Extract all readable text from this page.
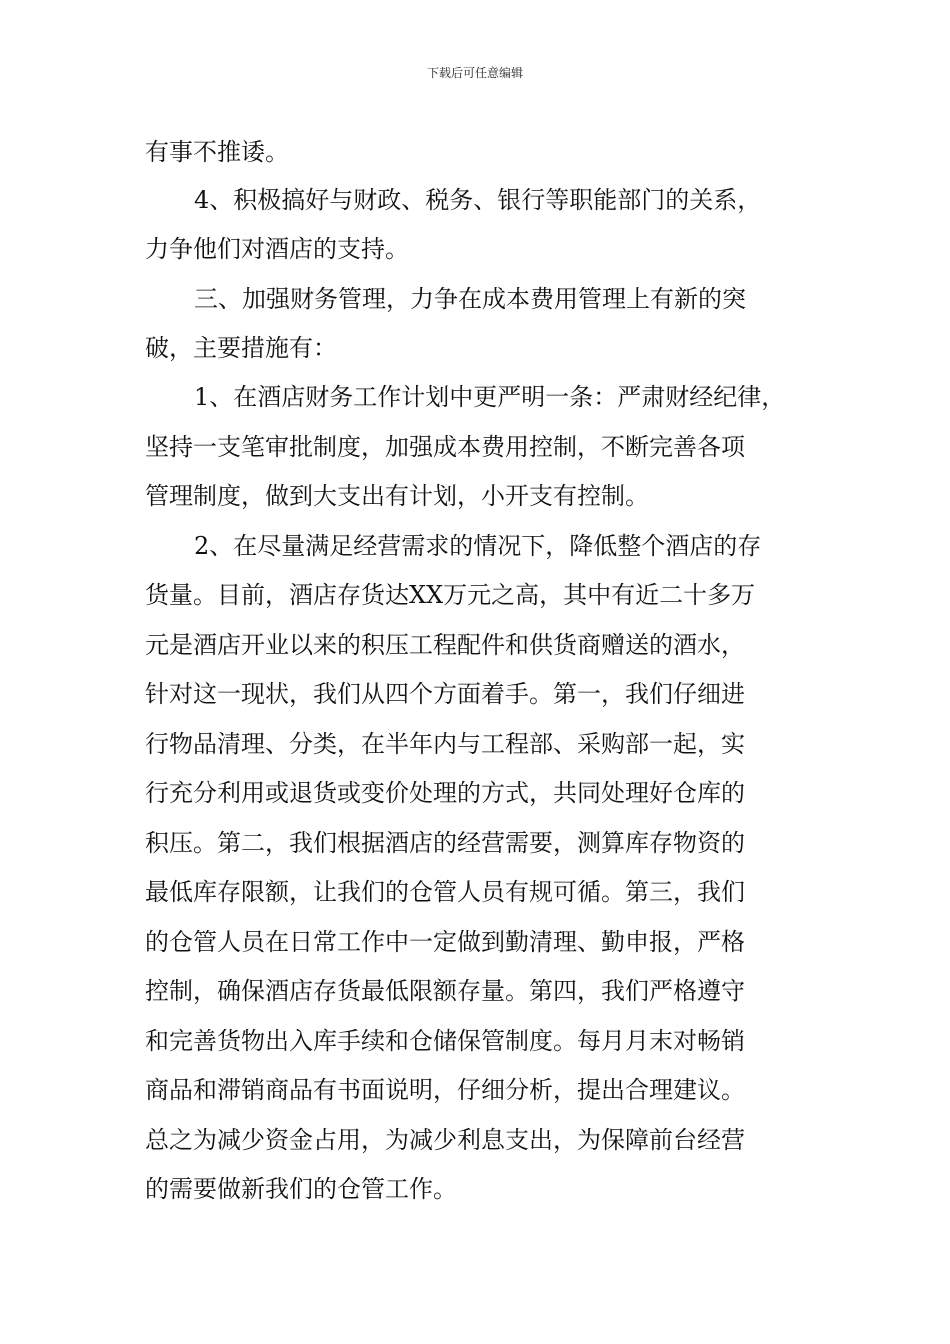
下载后可任意编辑
有事不推诿。
4、积极搞好与财政、税务、银行等职能部门的关系，
力争他们对酒店的支持。
三、加强财务管理，力争在成本费用管理上有新的突
破，主要措施有：
1、在酒店财务工作计划中更严明一条：严肃财经纪律，
坚持一支笔审批制度，加强成本费用控制，不断完善各项
管理制度，做到大支出有计划，小开支有控制。
2、在尽量满足经营需求的情况下，降低整个酒店的存
货量。目前，酒店存货达XX万元之高，其中有近二十多万
元是酒店开业以来的积压工程配件和供货商赠送的酒水，
针对这一现状，我们从四个方面着手。第一，我们仔细进
行物品清理、分类，在半年内与工程部、采购部一起，实
行充分利用或退货或变价处理的方式，共同处理好仓库的
积压。第二，我们根据酒店的经营需要，测算库存物资的
最低库存限额，让我们的仓管人员有规可循。第三，我们
的仓管人员在日常工作中一定做到勤清理、勤申报，严格
控制，确保酒店存货最低限额存量。第四，我们严格遵守
和完善货物出入库手续和仓储保管制度。每月月末对畅销
商品和滞销商品有书面说明，仔细分析，提出合理建议。
总之为减少资金占用，为减少利息支出，为保障前台经营
的需要做新我们的仓管工作。
